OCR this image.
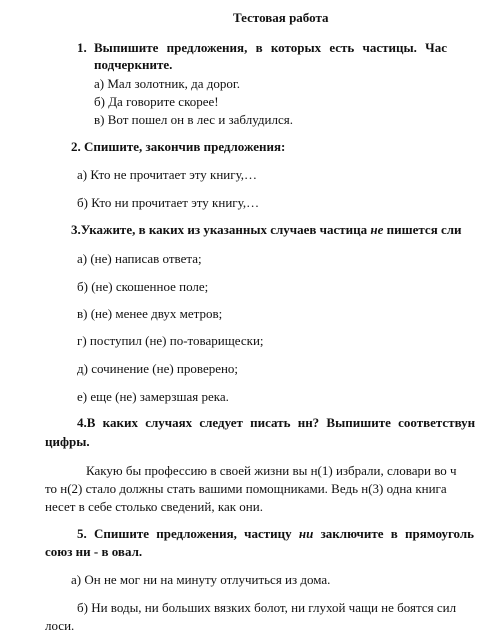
Тестовая работа
1. Выпишите предложения, в которых есть частицы. Час
подчеркните.
а) Мал золотник, да дорог.
б) Да говорите скорее!
в) Вот пошел он в лес и заблудился.
2. Спишите, закончив предложения:
а) Кто не прочитает эту книгу,…
б) Кто ни прочитает эту книгу,…
3.Укажите, в каких из указанных случаев частица не пишется сли
а) (не) написав ответа;
б) (не) скошенное поле;
в) (не) менее двух метров;
г) поступил (не) по-товарищески;
д) сочинение (не) проверено;
е) еще (не) замерзшая река.
4.В каких случаях следует писать нн? Выпишите соответствун
цифры.
Какую бы профессию в своей жизни вы н(1) избрали, словари во ч
то н(2) стало должны стать вашими помощниками. Ведь н(3) одна книга
несет в себе столько сведений, как они.
5. Спишите предложения, частицу ни заключите в прямоуголь
союз ни - в овал.
а) Он не мог ни на минуту отлучиться из дома.
б) Ни воды, ни больших вязких болот, ни глухой чащи не боятся сил
лоси.
